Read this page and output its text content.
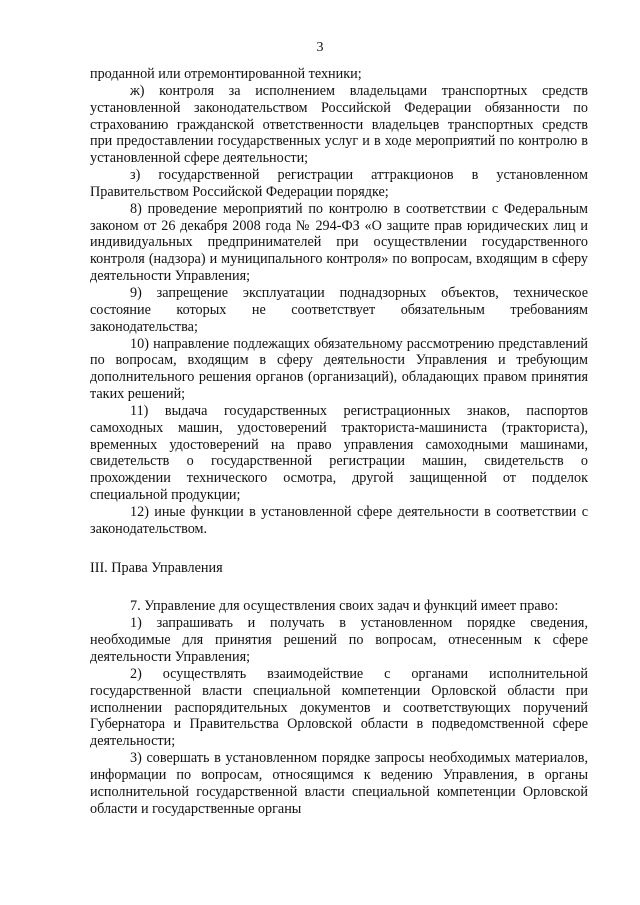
3

проданной или отремонтированной техники;

ж) контроля за исполнением владельцами транспортных средств установленной законодательством Российской Федерации обязанности по страхованию гражданской ответственности владельцев транспортных средств при предоставлении государственных услуг и в ходе мероприятий по контролю в установленной сфере деятельности;

з) государственной регистрации аттракционов в установленном Правительством Российской Федерации порядке;

8) проведение мероприятий по контролю в соответствии с Федеральным законом от 26 декабря 2008 года № 294-ФЗ «О защите прав юридических лиц и индивидуальных предпринимателей при осуществлении государственного контроля (надзора) и муниципального контроля» по вопросам, входящим в сферу деятельности Управления;

9) запрещение эксплуатации поднадзорных объектов, техническое состояние которых не соответствует обязательным требованиям законодательства;

10) направление подлежащих обязательному рассмотрению представлений по вопросам, входящим в сферу деятельности Управления и требующим дополнительного решения органов (организаций), обладающих правом принятия таких решений;

11) выдача государственных регистрационных знаков, паспортов самоходных машин, удостоверений тракториста-машиниста (тракториста), временных удостоверений на право управления самоходными машинами, свидетельств о государственной регистрации машин, свидетельств о прохождении технического осмотра, другой защищенной от подделок специальной продукции;

12) иные функции в установленной сфере деятельности в соответствии с законодательством.

III. Права Управления

7. Управление для осуществления своих задач и функций имеет право:

1) запрашивать и получать в установленном порядке сведения, необходимые для принятия решений по вопросам, отнесенным к сфере деятельности Управления;

2) осуществлять взаимодействие с органами исполнительной государственной власти специальной компетенции Орловской области при исполнении распорядительных документов и соответствующих поручений Губернатора и Правительства Орловской области в подведомственной сфере деятельности;

3) совершать в установленном порядке запросы необходимых материалов, информации по вопросам, относящимся к ведению Управления, в органы исполнительной государственной власти специальной компетенции Орловской области и государственные органы
